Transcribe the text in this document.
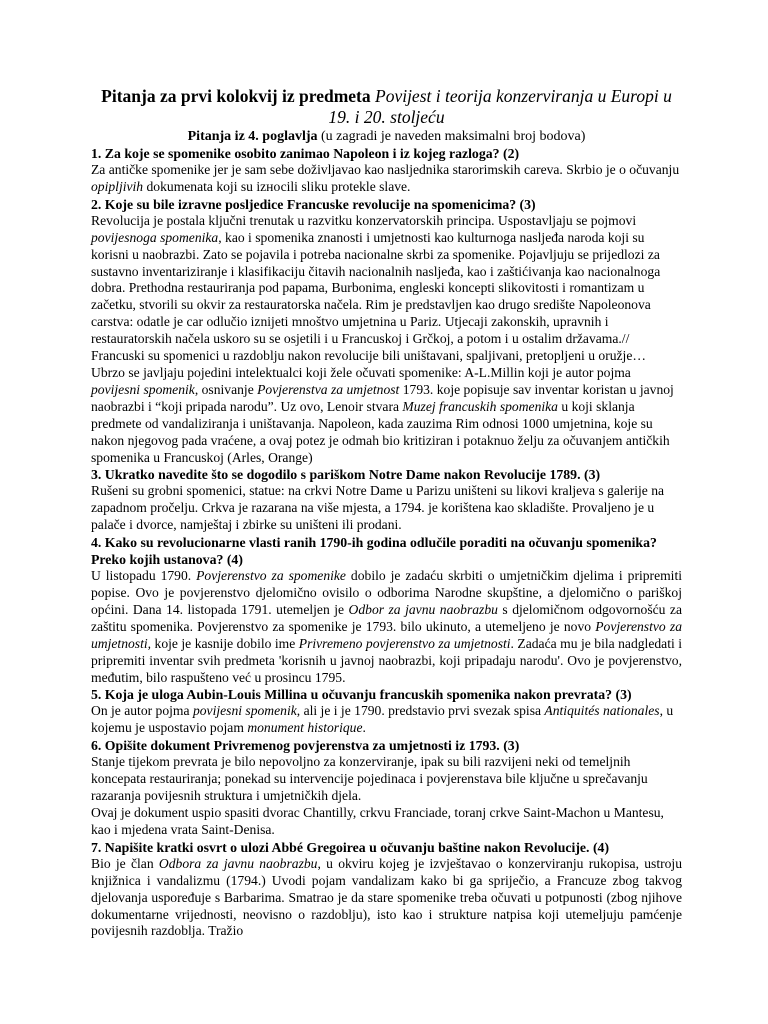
Pitanja za prvi kolokvij iz predmeta Povijest i teorija konzerviranja u Europi u 19. i 20. stoljeću
Pitanja iz 4. poglavlja (u zagradi je naveden maksimalni broj bodova)
1. Za koje se spomenike osobito zanimao Napoleon i iz kojeg razloga? (2)
Za antičke spomenike jer je sam sebe doživljavao kao nasljednika starorimskih careva. Skrbio je o očuvanju opipljivih dokumenata koji su izносili sliku protekle slave.
2. Koje su bile izravne posljedice Francuske revolucije na spomenicima? (3)
Revolucija je postala ključni trenutak u razvitku konzervatorskih principa. Uspostavljaju se pojmovi povijesnoga spomenika, kao i spomenika znanosti i umjetnosti kao kulturnoga nasljeđa naroda koji su korisni u naobrazbi. Zato se pojavila i potreba nacionalne skrbi za spomenike. Pojavljuju se prijedlozi za sustavno inventariziranje i klasifikaciju čitavih nacionalnih nasljeđa, kao i zaštićivanja kao nacionalnoga dobra. Prethodna restauriranja pod papama, Burbonima, engleski koncepti slikovitosti i romantizam u začetku, stvorili su okvir za restauratorska načela. Rim je predstavljen kao drugo središte Napoleonova carstva: odatle je car odlučio iznijeti mnoštvo umjetnina u Pariz. Utjecaji zakonskih, upravnih i restauratorskih načela uskoro su se osjetili i u Francuskoj i Grčkoj, a potom i u ostalim državama.//
Francuski su spomenici u razdoblju nakon revolucije bili uništavani, spaljivani, pretopljeni u oružje… Ubrzo se javljaju pojedini intelektualci koji žele očuvati spomenike: A-L.Millin koji je autor pojma povijesni spomenik, osnivanje Povjerenstva za umjetnost 1793. koje popisuje sav inventar koristan u javnoj naobrazbi i “koji pripada narodu”. Uz ovo, Lenoir stvara Muzej francuskih spomenika u koji sklanja predmete od vandaliziranja i uništavanja. Napoleon, kada zauzima Rim odnosi 1000 umjetnina, koje su nakon njegovog pada vraćene, a ovaj potez je odmah bio kritiziran i potaknuo želju za očuvanjem antičkih spomenika u Francuskoj (Arles, Orange)
3. Ukratko navedite što se dogodilo s pariškom Notre Dame nakon Revolucije 1789. (3)
Rušeni su grobni spomenici, statue: na crkvi Notre Dame u Parizu uništeni su likovi kraljeva s galerije na zapadnom pročelju. Crkva je razarana na više mjesta, a 1794. je korištena kao skladište. Provaljeno je u palače i dvorce, namještaj i zbirke su uništeni ili prodani.
4. Kako su revolucionarne vlasti ranih 1790-ih godina odlučile poraditi na očuvanju spomenika? Preko kojih ustanova? (4)
U listopadu 1790. Povjerenstvo za spomenike dobilo je zadaću skrbiti o umjetničkim djelima i pripremiti popise. Ovo je povjerenstvo djelomično ovisilo o odborima Narodne skupštine, a djelomično o pariškoj općini. Dana 14. listopada 1791. utemeljen je Odbor za javnu naobrazbu s djelomičnom odgovornošću za zaštitu spomenika. Povjerenstvo za spomenike je 1793. bilo ukinuto, a utemeljeno je novo Povjerenstvo za umjetnosti, koje je kasnije dobilo ime Privremeno povjerenstvo za umjetnosti. Zadaća mu je bila nadgledati i pripremiti inventar svih predmeta 'korisnih u javnoj naobrazbi, koji pripadaju narodu'. Ovo je povjerenstvo, međutim, bilo raspušteno već u prosincu 1795.
5. Koja je uloga Aubin-Louis Millina u očuvanju francuskih spomenika nakon prevrata? (3)
On je autor pojma povijesni spomenik, ali je i je 1790. predstavio prvi svezak spisa Antiquités nationales, u kojemu je uspostavio pojam monument historique.
6. Opišite dokument Privremenog povjerenstva za umjetnosti iz 1793. (3)
Stanje tijekom prevrata je bilo nepovoljno za konzerviranje, ipak su bili razvijeni neki od temeljnih koncepata restauriranja; ponekad su intervencije pojedinaca i povjerenstava bile ključne u sprečavanju razaranja povijesnih struktura i umjetničkih djela.
Ovaj je dokument uspio spasiti dvorac Chantilly, crkvu Franciade, toranj crkve Saint-Machon u Mantesu, kao i mjedena vrata Saint-Denisa.
7. Napišite kratki osvrt o ulozi Abbé Gregoirea u očuvanju baštine nakon Revolucije. (4)
Bio je član Odbora za javnu naobrazbu, u okviru kojeg je izvještavao o konzerviranju rukopisa, ustroju knjižnica i vandalizmu (1794.) Uvodi pojam vandalizam kako bi ga spriječio, a Francuze zbog takvog djelovanja uspoređuje s Barbarima. Smatrao je da stare spomenike treba očuvati u potpunosti (zbog njihove dokumentarne vrijednosti, neovisno o razdoblju), isto kao i strukture natpisa koji utemeljuju pamćenje povijesnih razdoblja. Tražio
